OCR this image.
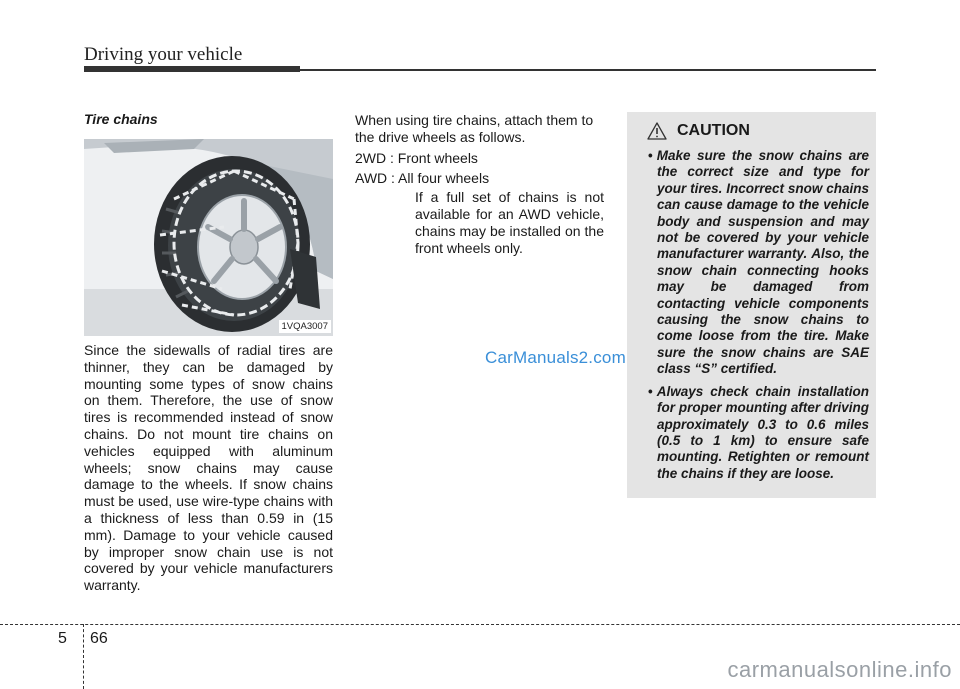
Driving your vehicle
Tire chains
1VQA3007

Since the sidewalls of radial tires are thinner, they can be damaged by mounting some types of snow chains on them. Therefore, the use of snow tires is recommended instead of snow chains. Do not mount tire chains on vehicles equipped with aluminum wheels; snow chains may cause damage to the wheels. If snow chains must be used, use wire-type chains with a thickness of less than 0.59 in (15 mm). Damage to your vehicle caused by improper snow chain use is not covered by your vehicle manufacturers warranty.

When using tire chains, attach them to the drive wheels as follows.

2WD : Front wheels

AWD : All four wheels

If a full set of chains is not available for an AWD vehicle, chains may be installed on the front wheels only.

CarManuals2.com
CAUTION
• Make sure the snow chains are the correct size and type for your tires. Incorrect snow chains can cause damage to the vehicle body and suspension and may not be covered by your vehicle manufacturer warranty. Also, the snow chain connecting hooks may be damaged from contacting vehicle components causing the snow chains to come loose from the tire. Make sure the snow chains are SAE class “S” certified.
• Always check chain installation for proper mounting after driving approximately 0.3 to 0.6 miles (0.5 to 1 km) to ensure safe mounting. Retighten or remount the chains if they are loose.
5 66
carmanualsonline.info
